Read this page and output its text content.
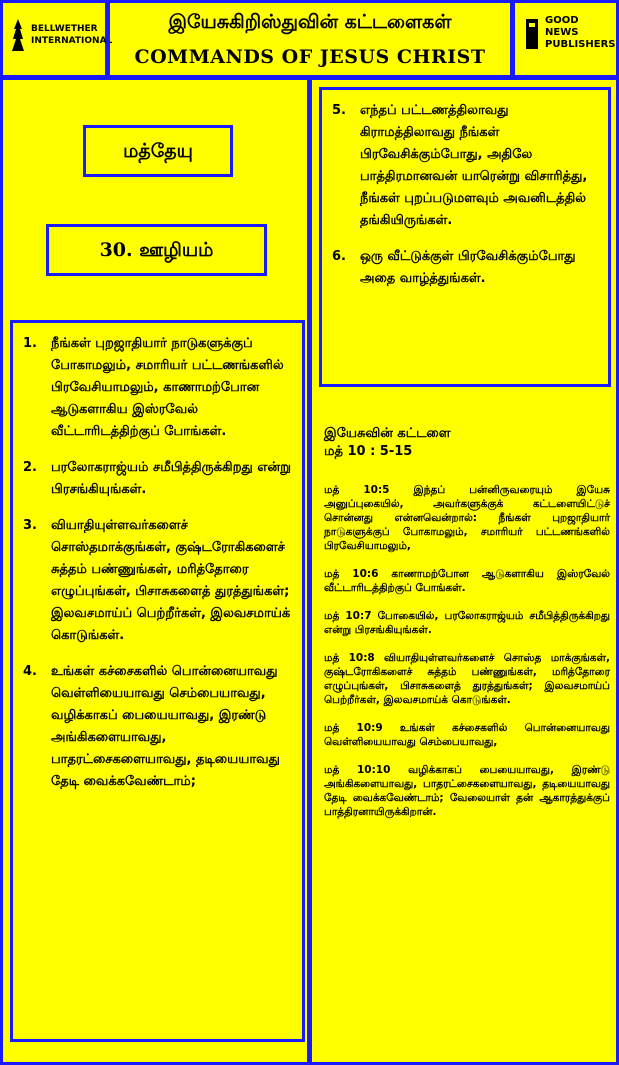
BELLWETHER INTERNATIONAL
இயேசுகிறிஸ்துவின் கட்டளைகள்
COMMANDS OF JESUS CHRIST
GOOD NEWS PUBLISHERS
மத்தேயு
30. ஊழியம்

1. நீங்கள் புறஜாதியார் நாடுகளுக்குப் போகாமலும், சமாரியர் பட்டணங்களில் பிரவேசியாமலும், காணாமற்போன ஆடுகளாகிய இஸ்ரவேல் வீட்டாரிடத்திற்குப் போங்கள்.

2. பரலோகராஜ்யம் சமீபித்திருக்கிறது என்று பிரசங்கியுங்கள்.

3. வியாதியுள்ளவர்களைச் சொஸ்தமாக்குங்கள், குஷ்டரோகிகளைச் சுத்தம் பண்ணுங்கள், மரித்தோரை எழுப்புங்கள், பிசாசுகளைத் துரத்துங்கள்; இலவசமாய்ப் பெற்றீர்கள், இலவசமாய்க் கொடுங்கள்.

4. உங்கள் கச்சைகளில் பொன்னையாவது வெள்ளியையாவது செம்பையாவது, வழிக்காகப் பையையாவது, இரண்டு அங்கிகளையாவது, பாதரட்சைகளையாவது, தடியையாவது தேடி வைக்கவேண்டாம்;

5. எந்தப் பட்டணத்திலாவது கிராமத்திலாவது நீங்கள் பிரவேசிக்கும்போது, அதிலே பாத்திரமானவன் யாரென்று விசாரித்து, நீங்கள் புறப்படுமளவும் அவனிடத்தில் தங்கியிருங்கள்.

6. ஒரு வீட்டுக்குள் பிரவேசிக்கும்போது அதை வாழ்த்துங்கள்.

இயேசுவின் கட்டளை
மத் 10 : 5-15

மத் 10:5 இந்தப் பன்னிருவரையும் இயேசு அனுப்புகையில், அவர்களுக்குக் கட்டளையிட்டுச் சொன்னது என்னவென்றால்: நீங்கள் புறஜாதியார் நாடுகளுக்குப் போகாமலும், சமாரியர் பட்டணங்களில் பிரவேசியாமலும்,

மத் 10:6 காணாமற்போன ஆடுகளாகிய இஸ்ரவேல் வீட்டாரிடத்திற்குப் போங்கள்.

மத் 10:7 போகையில், பரலோகராஜ்யம் சமீபித்திருக்கிறது என்று பிரசங்கியுங்கள்.

மத் 10:8 வியாதியுள்ளவர்களைச் சொஸ்த மாக்குங்கள், குஷ்டரோகிகளைச் சுத்தம் பண்ணுங்கள், மரித்தோரை எழுப்புங்கள், பிசாசுகளைத் துரத்துங்கள்; இலவசமாய்ப் பெற்றீர்கள், இலவசமாய்க் கொடுங்கள்.

மத் 10:9 உங்கள் கச்சைகளில் பொன்னையாவது வெள்ளியையாவது செம்பையாவது,

மத் 10:10 வழிக்காகப் பையையாவது, இரண்டு அங்கிகளையாவது, பாதரட்சைகளையாவது, தடியையாவது தேடி வைக்கவேண்டாம்; வேலையாள் தன் ஆகாரத்துக்குப் பாத்திரனாயிருக்கிறான்.
